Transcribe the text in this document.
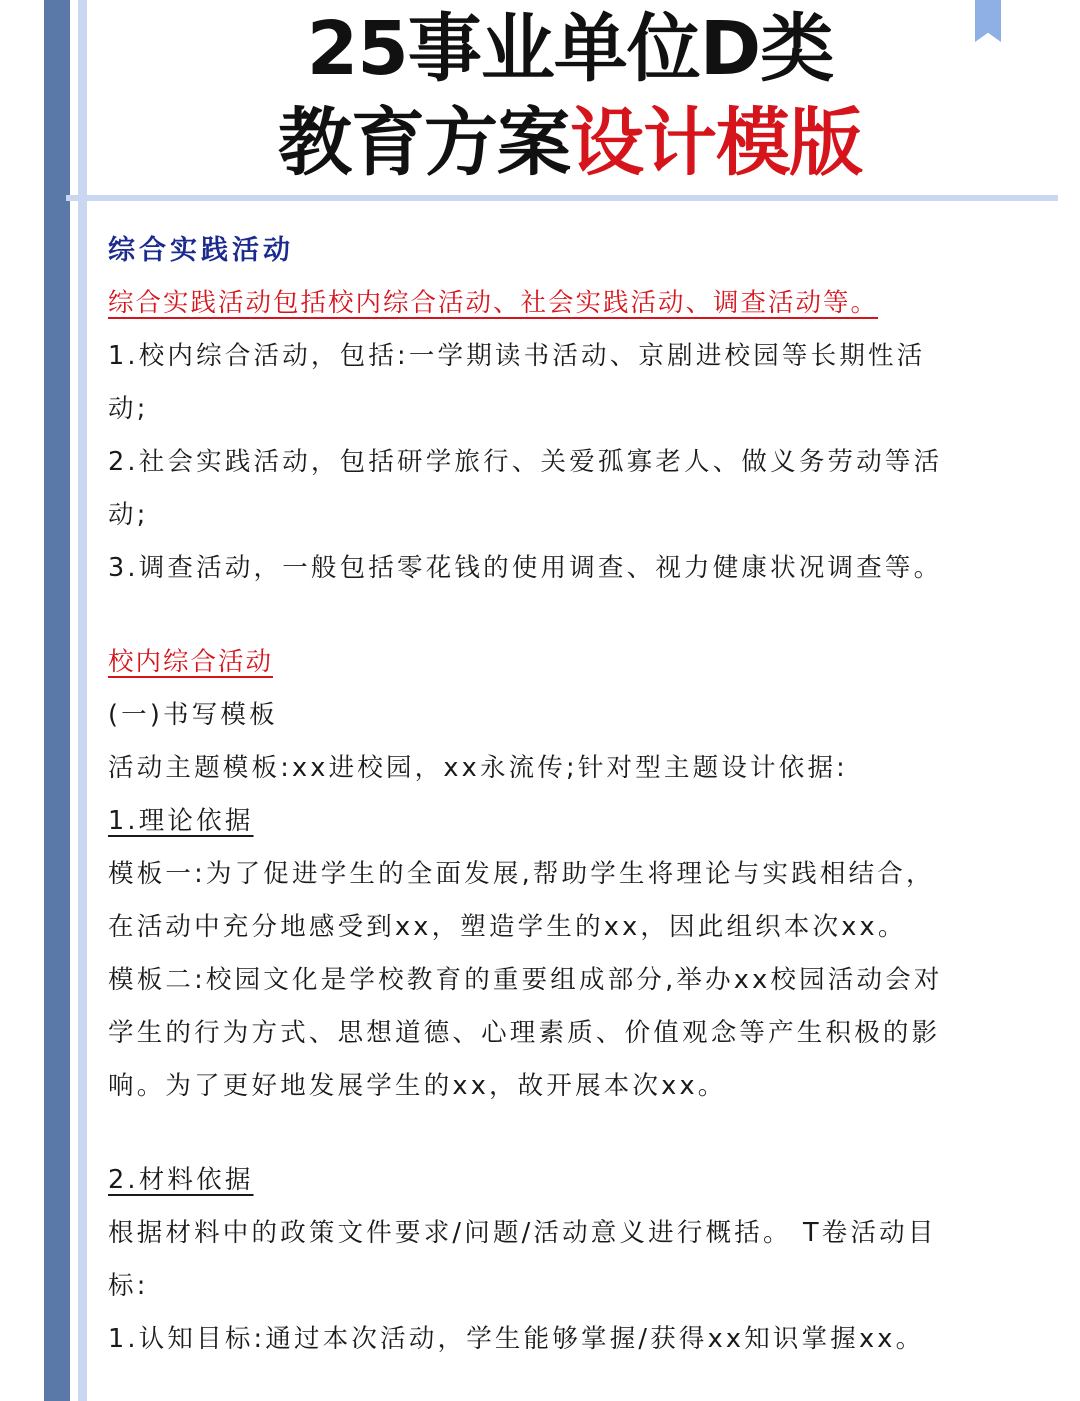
25事业单位D类
教育方案设计模版
综合实践活动
综合实践活动包括校内综合活动、社会实践活动、调查活动等。
1.校内综合活动，包括:一学期读书活动、京剧进校园等长期性活
动;
2.社会实践活动，包括研学旅行、关爱孤寡老人、做义务劳动等活
动;
3.调查活动，一般包括零花钱的使用调查、视力健康状况调查等。
校内综合活动
(一)书写模板
活动主题模板:xx进校园，xx永流传;针对型主题设计依据:
1.理论依据
模板一:为了促进学生的全面发展,帮助学生将理论与实践相结合，
在活动中充分地感受到xx，塑造学生的xx，因此组织本次xx。
模板二:校园文化是学校教育的重要组成部分,举办xx校园活动会对
学生的行为方式、思想道德、心理素质、价值观念等产生积极的影
响。为了更好地发展学生的xx，故开展本次xx。
2.材料依据
根据材料中的政策文件要求/问题/活动意义进行概括。 T卷活动目
标:
1.认知目标:通过本次活动，学生能够掌握/获得xx知识掌握xx。
